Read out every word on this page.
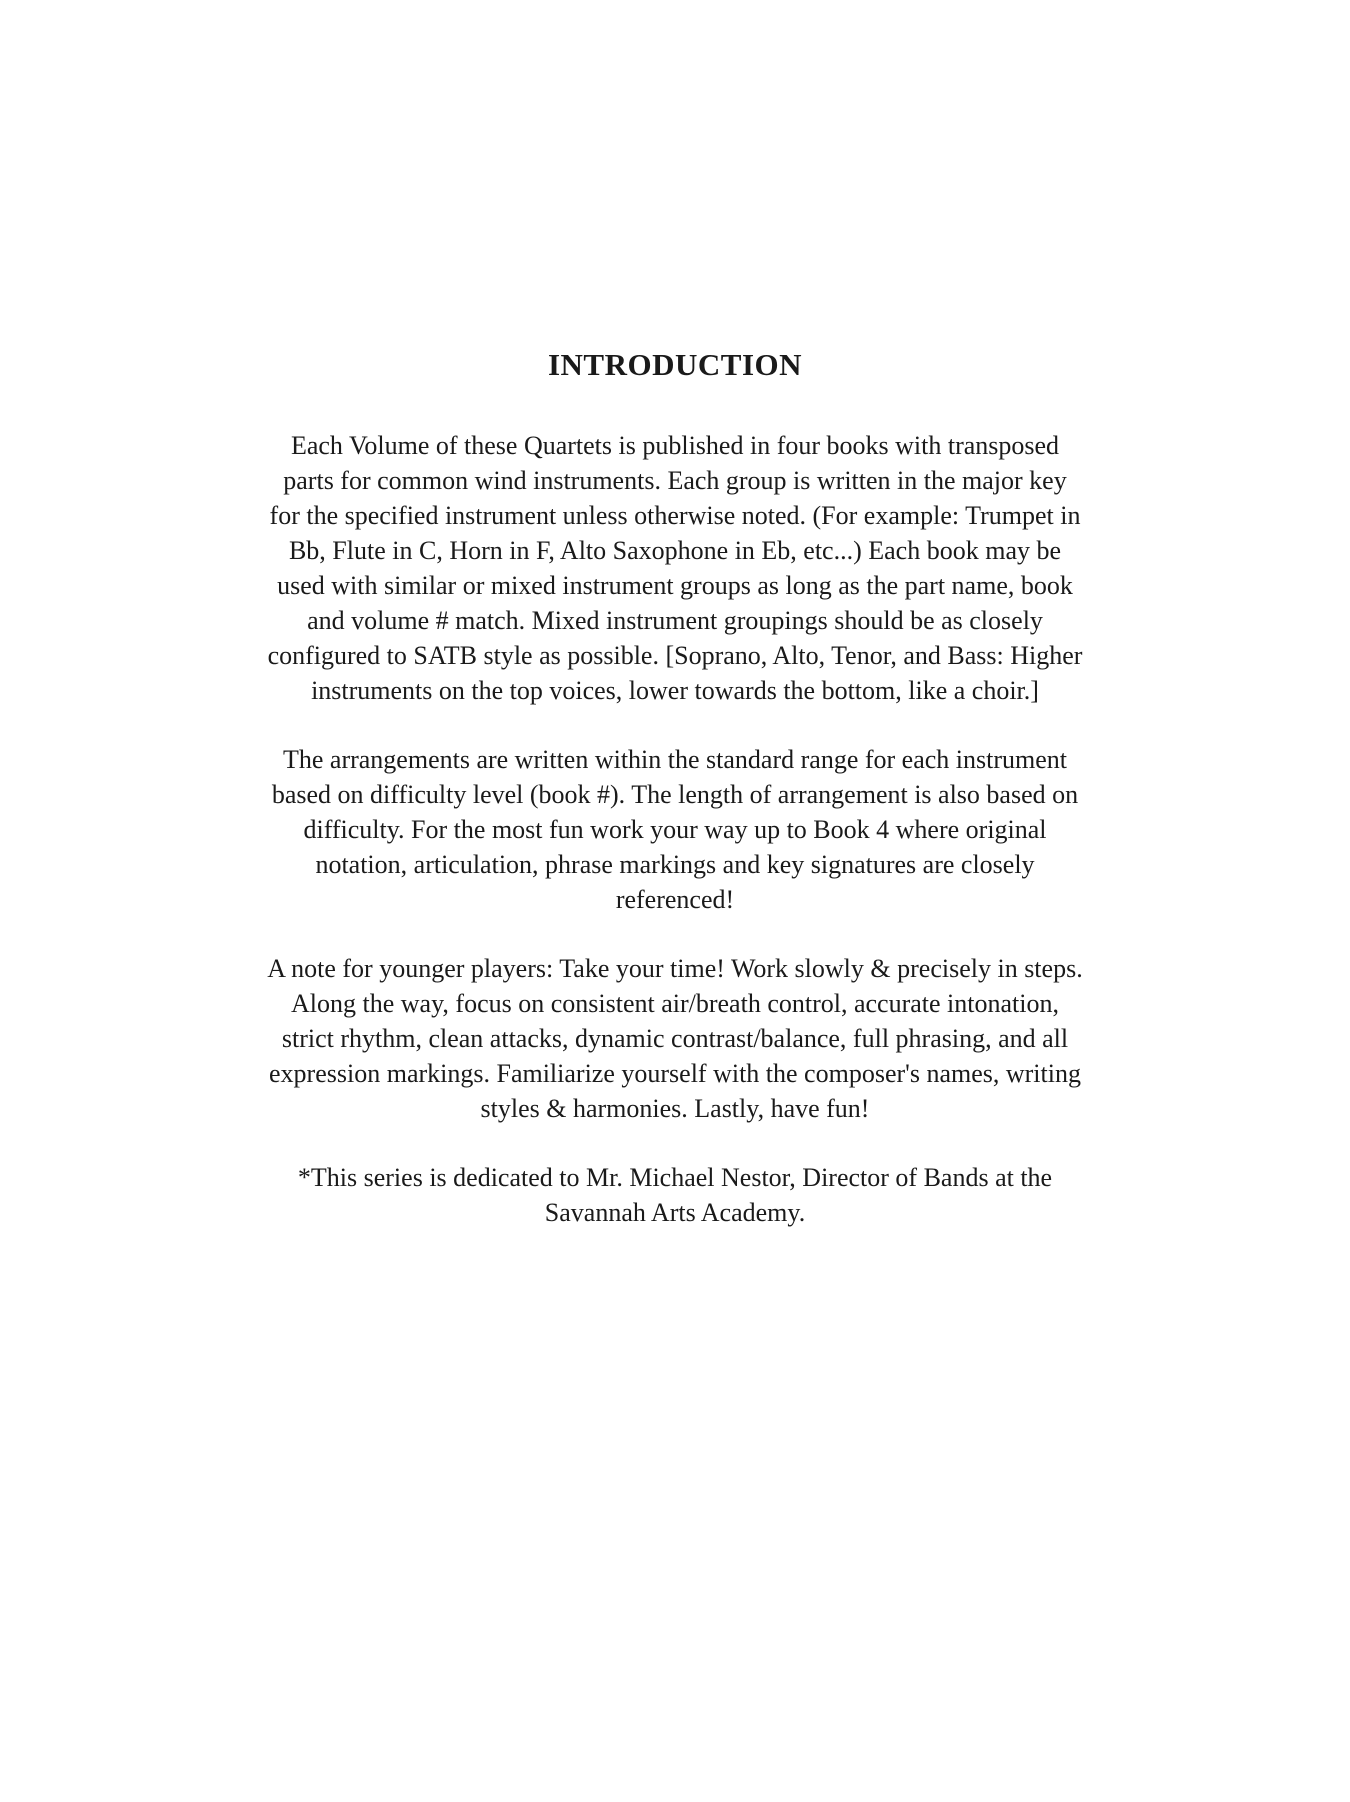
INTRODUCTION

Each Volume of these Quartets is published in four books with transposed
parts for common wind instruments. Each group is written in the major key
for the specified instrument unless otherwise noted. (For example: Trumpet in
Bb, Flute in C, Horn in F, Alto Saxophone in Eb, etc...) Each book may be
used with similar or mixed instrument groups as long as the part name, book
and volume # match. Mixed instrument groupings should be as closely
configured to SATB style as possible. [Soprano, Alto, Tenor, and Bass: Higher
instruments on the top voices, lower towards the bottom, like a choir.]

The arrangements are written within the standard range for each instrument
based on difficulty level (book #). The length of arrangement is also based on
difficulty. For the most fun work your way up to Book 4 where original
notation, articulation, phrase markings and key signatures are closely
referenced!

A note for younger players: Take your time! Work slowly & precisely in steps.
Along the way, focus on consistent air/breath control, accurate intonation,
strict rhythm, clean attacks, dynamic contrast/balance, full phrasing, and all
expression markings. Familiarize yourself with the composer's names, writing
styles & harmonies. Lastly, have fun!

*This series is dedicated to Mr. Michael Nestor, Director of Bands at the
Savannah Arts Academy.
